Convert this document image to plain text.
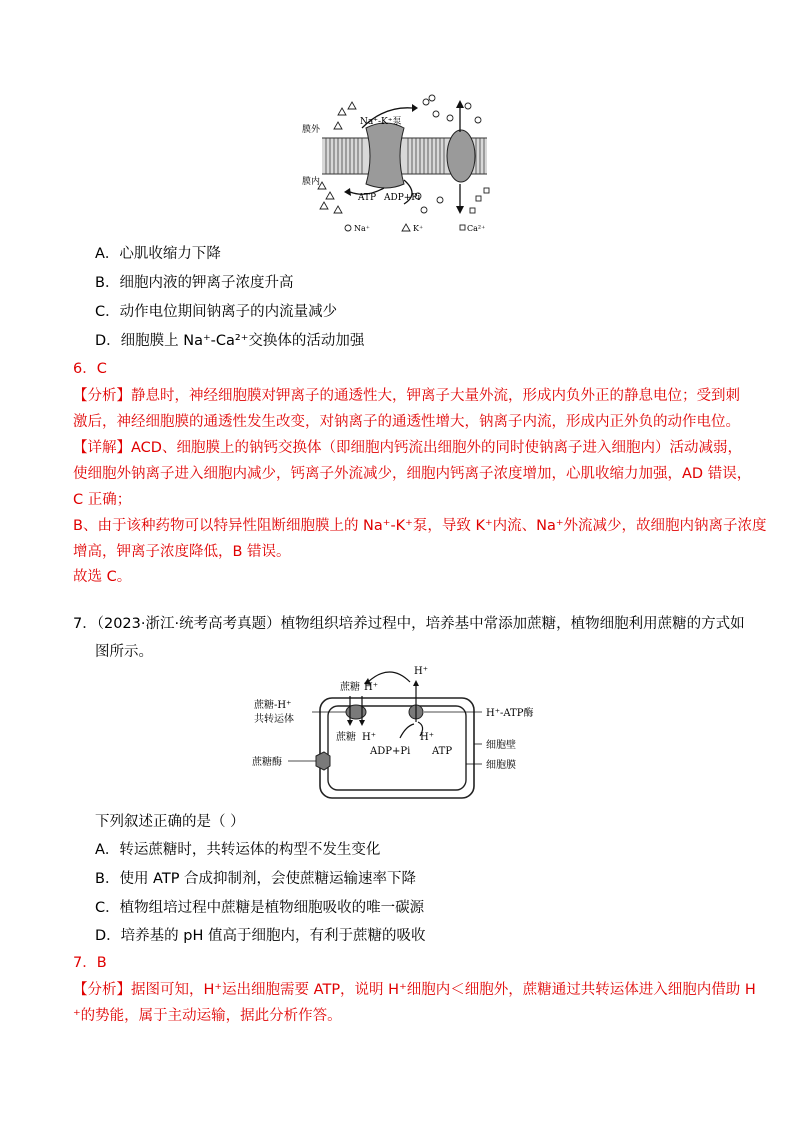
膜外
膜内
Na⁺-K⁺泵
ATP ADP+Pi
Na⁺	K⁺	Ca²⁺
A．心肌收缩力下降
B．细胞内液的钾离子浓度升高
C．动作电位期间钠离子的内流量减少
D．细胞膜上 Na⁺-Ca²⁺交换体的活动加强
6．C
【分析】静息时，神经细胞膜对钾离子的通透性大，钾离子大量外流，形成内负外正的静息电位；受到刺
激后，神经细胞膜的通透性发生改变，对钠离子的通透性增大，钠离子内流，形成内正外负的动作电位。
【详解】ACD、细胞膜上的钠钙交换体（即细胞内钙流出细胞外的同时使钠离子进入细胞内）活动减弱，
使细胞外钠离子进入细胞内减少，钙离子外流减少，细胞内钙离子浓度增加，心肌收缩力加强，AD 错误，
C 正确；
B、由于该种药物可以特异性阻断细胞膜上的 Na⁺-K⁺泵，导致 K⁺内流、Na⁺外流减少，故细胞内钠离子浓度
增高，钾离子浓度降低，B 错误。
故选 C。
7．（2023·浙江·统考高考真题）植物组织培养过程中，培养基中常添加蔗糖，植物细胞利用蔗糖的方式如
图所示。
蔗糖 H⁺
H⁺
蔗糖-H⁺
共转运体
H⁺-ATP酶
蔗糖 H⁺	H⁺
ADP+Pi ATP
细胞壁
蔗糖酶	细胞膜
下列叙述正确的是（ ）
A．转运蔗糖时，共转运体的构型不发生变化
B．使用 ATP 合成抑制剂，会使蔗糖运输速率下降
C．植物组培过程中蔗糖是植物细胞吸收的唯一碳源
D．培养基的 pH 值高于细胞内，有利于蔗糖的吸收
7．B
【分析】据图可知，H⁺运出细胞需要 ATP，说明 H⁺细胞内＜细胞外，蔗糖通过共转运体进入细胞内借助 H
⁺的势能，属于主动运输，据此分析作答。
